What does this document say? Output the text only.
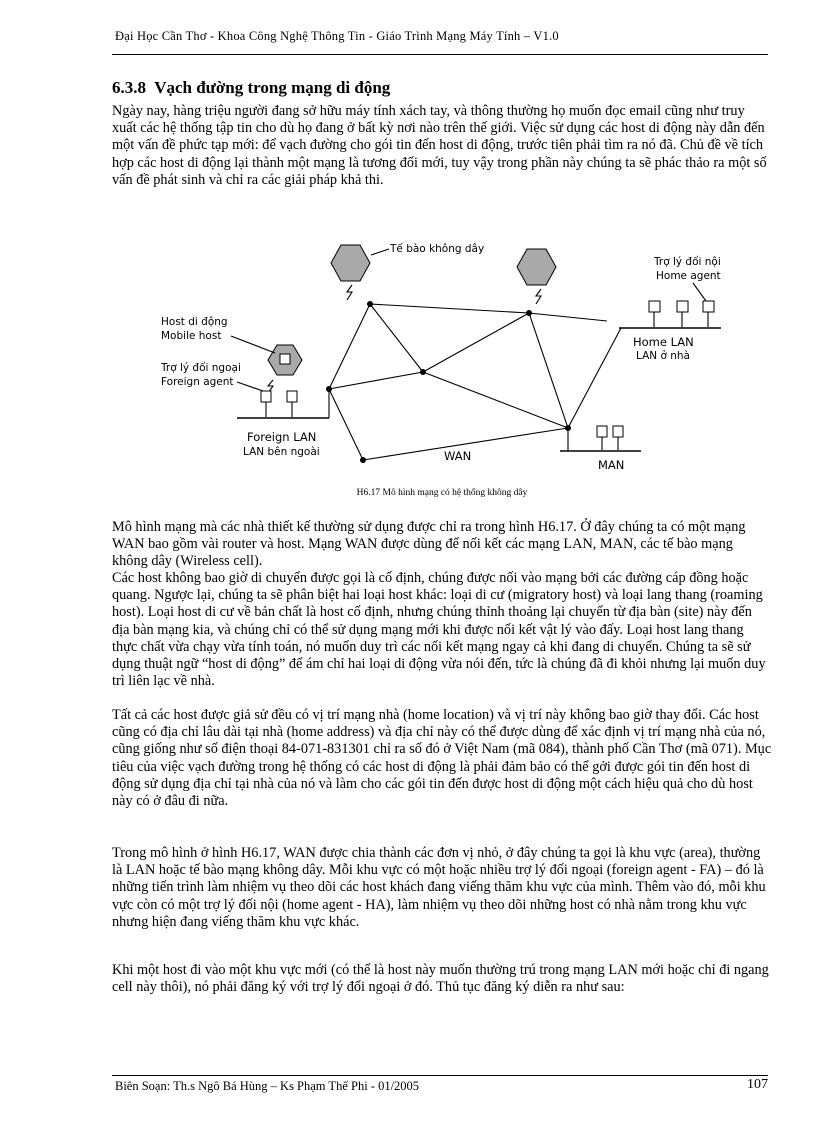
Đại Học Cần Thơ - Khoa Công Nghệ Thông Tin - Giáo Trình Mạng Máy Tính – V1.0
6.3.8 Vạch đường trong mạng di động

Ngày nay, hàng triệu người đang sở hữu máy tính xách tay, và thông thường họ muốn đọc email cũng như truy xuất các hệ thống tập tin cho dù họ đang ở bất kỳ nơi nào trên thế giới. Việc sử dụng các host di động này dẫn đến một vấn đề phức tạp mới: để vạch đường cho gói tin đến host di động, trước tiên phải tìm ra nó đã. Chủ đề về tích hợp các host di động lại thành một mạng là tương đối mới, tuy vậy trong phần này chúng ta sẽ phác thảo ra một số vấn đề phát sinh và chỉ ra các giải pháp khả thi.

Tế bào không dây
Host di động
Mobile host
Trợ lý đối ngoại
Foreign agent
Foreign LAN
LAN bên ngoài	WAN
MAN
Trợ lý đối nội
Home agent
Home LAN
LAN ở nhà
H6.17 Mô hình mạng có hệ thống không dây

Mô hình mạng mà các nhà thiết kế thường sử dụng được chỉ ra trong hình H6.17. Ở đây chúng ta có một mạng WAN bao gồm vài router và host. Mạng WAN được dùng để nối kết các mạng LAN, MAN, các tế bào mạng không dây (Wireless cell).

Các host không bao giờ di chuyển được gọi là cố định, chúng được nối vào mạng bởi các đường cáp đồng hoặc quang. Ngược lại, chúng ta sẽ phân biệt hai loại host khác: loại di cư (migratory host) và loại lang thang (roaming host). Loại host di cư về bản chất là host cố định, nhưng chúng thỉnh thoảng lại chuyển từ địa bàn (site) này đến địa bàn mạng kia, và chúng chỉ có thể sử dụng mạng mới khi được nối kết vật lý vào đấy. Loại host lang thang thực chất vừa chạy vừa tính toán, nó muốn duy trì các nối kết mạng ngay cả khi đang di chuyển. Chúng ta sẽ sử dụng thuật ngữ “host di động” để ám chỉ hai loại di động vừa nói đến, tức là chúng đã đi khỏi nhưng lại muốn duy trì liên lạc về nhà.

Tất cả các host được giả sử đều có vị trí mạng nhà (home location) và vị trí này không bao giờ thay đổi. Các host cũng có địa chỉ lâu dài tại nhà (home address) và địa chỉ này có thể được dùng để xác định vị trí mạng nhà của nó, cũng giống như số điện thoại 84-071-831301 chỉ ra số đó ở Việt Nam (mã 084), thành phố Cần Thơ (mã 071). Mục tiêu của việc vạch đường trong hệ thống có các host di động là phải đảm bảo có thể gởi được gói tin đến host di động sử dụng địa chỉ tại nhà của nó và làm cho các gói tin đến được host di động một cách hiệu quả cho dù host này có ở đâu đi nữa.

Trong mô hình ở hình H6.17, WAN được chia thành các đơn vị nhỏ, ở đây chúng ta gọi là khu vực (area), thường là LAN hoặc tế bào mạng không dây. Mỗi khu vực có một hoặc nhiều trợ lý đối ngoại (foreign agent - FA) – đó là những tiến trình làm nhiệm vụ theo dõi các host khách đang viếng thăm khu vực của mình. Thêm vào đó, mỗi khu vực còn có một trợ lý đối nội (home agent - HA), làm nhiệm vụ theo dõi những host có nhà nằm trong khu vực nhưng hiện đang viếng thăm khu vực khác.

Khi một host đi vào một khu vực mới (có thể là host này muốn thường trú trong mạng LAN mới hoặc chỉ đi ngang cell này thôi), nó phải đăng ký với trợ lý đối ngoại ở đó. Thủ tục đăng ký diễn ra như sau:

Biên Soạn: Th.s Ngô Bá Hùng – Ks Phạm Thế Phi - 01/2005	107
